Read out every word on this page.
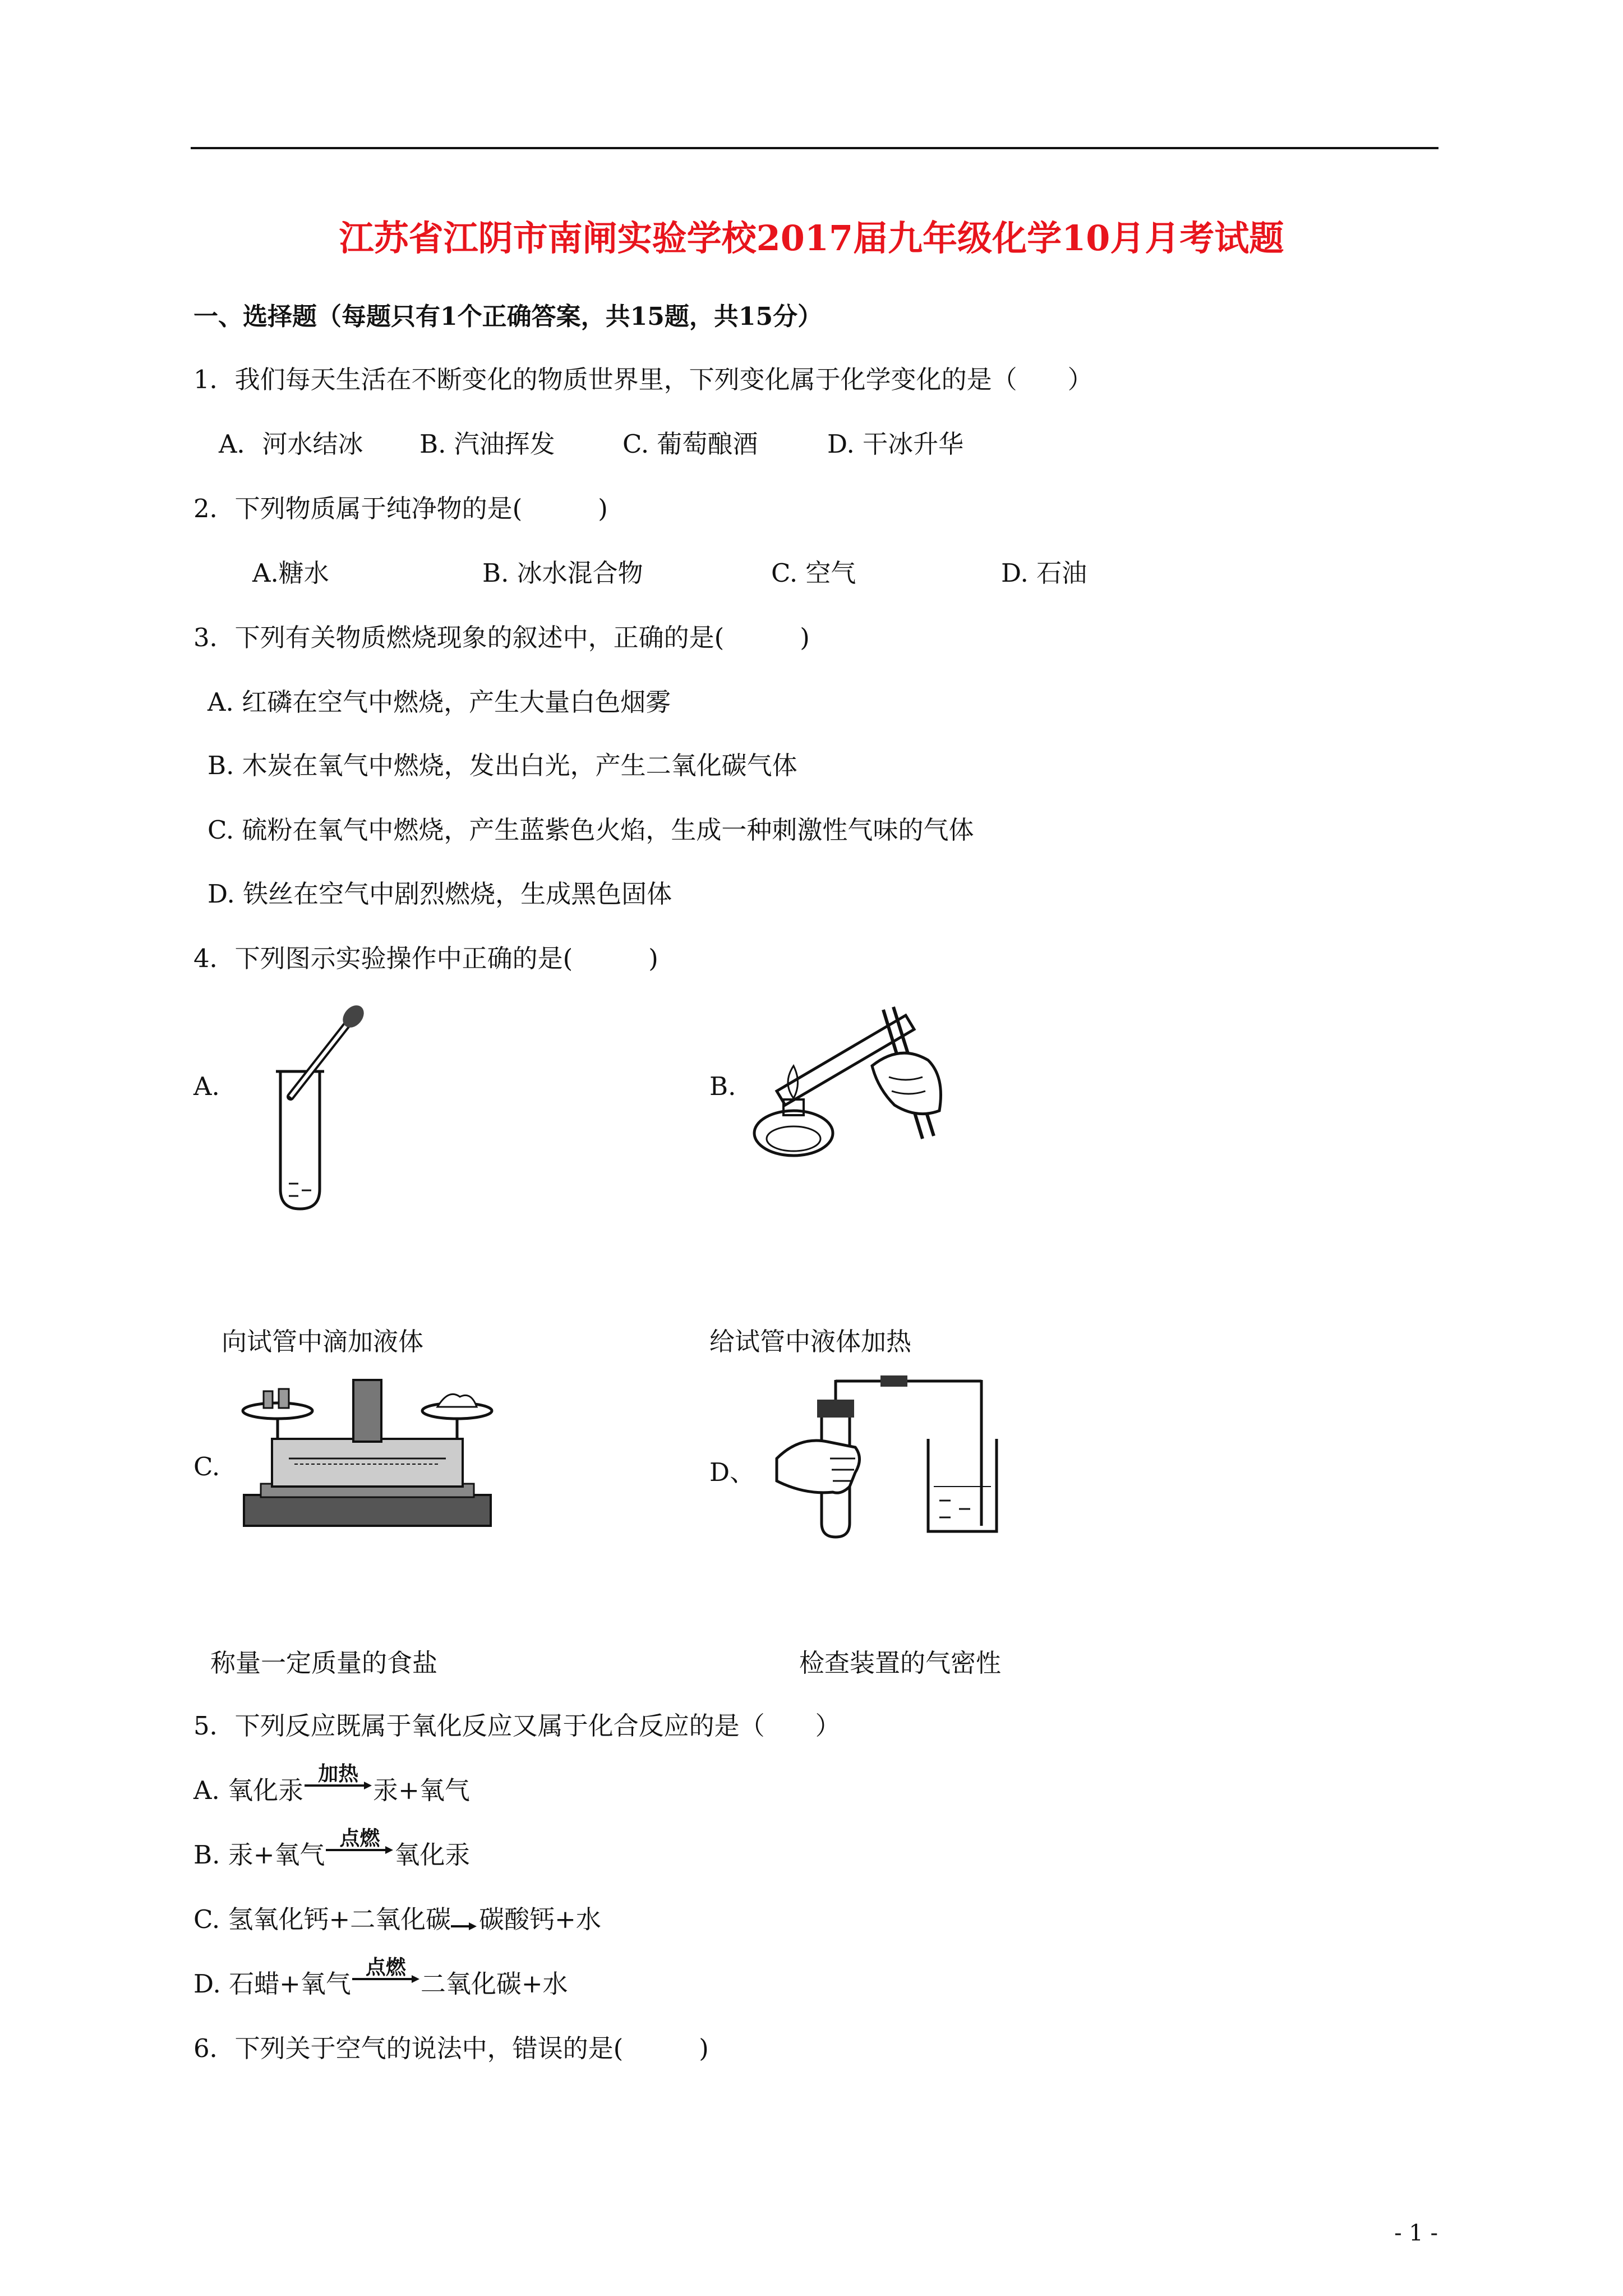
江苏省江阴市南闸实验学校2017届九年级化学10月月考试题
一、选择题（每题只有1个正确答案，共15题，共15分）
1．我们每天生活在不断变化的物质世界里，下列变化属于化学变化的是（　　）
A．河水结冰 B. 汽油挥发	C. 葡萄酿酒	D. 干冰升华
2．下列物质属于纯净物的是(　　　)
A.糖水	B. 冰水混合物	C. 空气	D. 石油
3．下列有关物质燃烧现象的叙述中，正确的是(　　　)
A. 红磷在空气中燃烧，产生大量白色烟雾
B. 木炭在氧气中燃烧，发出白光，产生二氧化碳气体
C. 硫粉在氧气中燃烧，产生蓝紫色火焰，生成一种刺激性气味的气体
D. 铁丝在空气中剧烈燃烧，生成黑色固体
4．下列图示实验操作中正确的是(　　　)
A.	B.
向试管中滴加液体	给试管中液体加热
C.	D、
称量一定质量的食盐	检查装置的气密性
5．下列反应既属于氧化反应又属于化合反应的是（　　）
A. 氧化汞
加热
汞+氧气
B. 汞+氧气
点燃
氧化汞
C. 氢氧化钙+二氧化碳→碳酸钙+水
D. 石蜡+氧气
点燃
二氧化碳+水
6．下列关于空气的说法中，错误的是(　　　)
- 1 -
